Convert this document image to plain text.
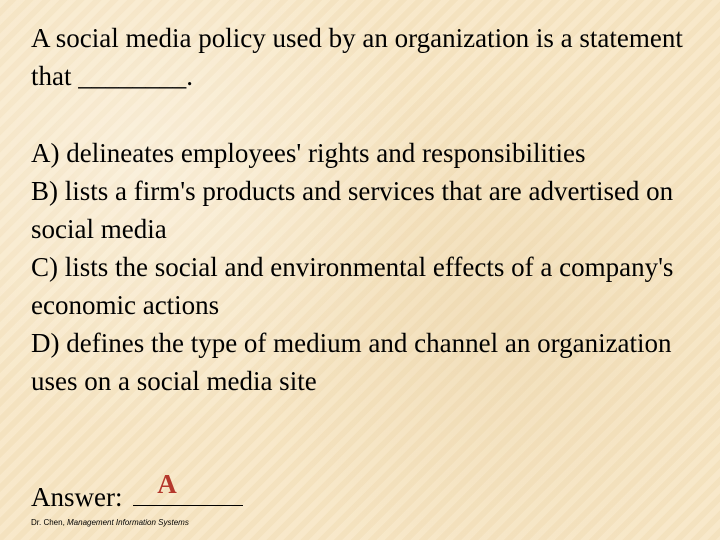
A social media policy used by an organization is a statement that ________.

A) delineates employees' rights and responsibilities
B) lists a firm's products and services that are advertised on social media
C) lists the social and environmental effects of a company's economic actions
D) defines the type of medium and channel an organization uses on a social media site
Answer: A
Dr. Chen, Management Information Systems
